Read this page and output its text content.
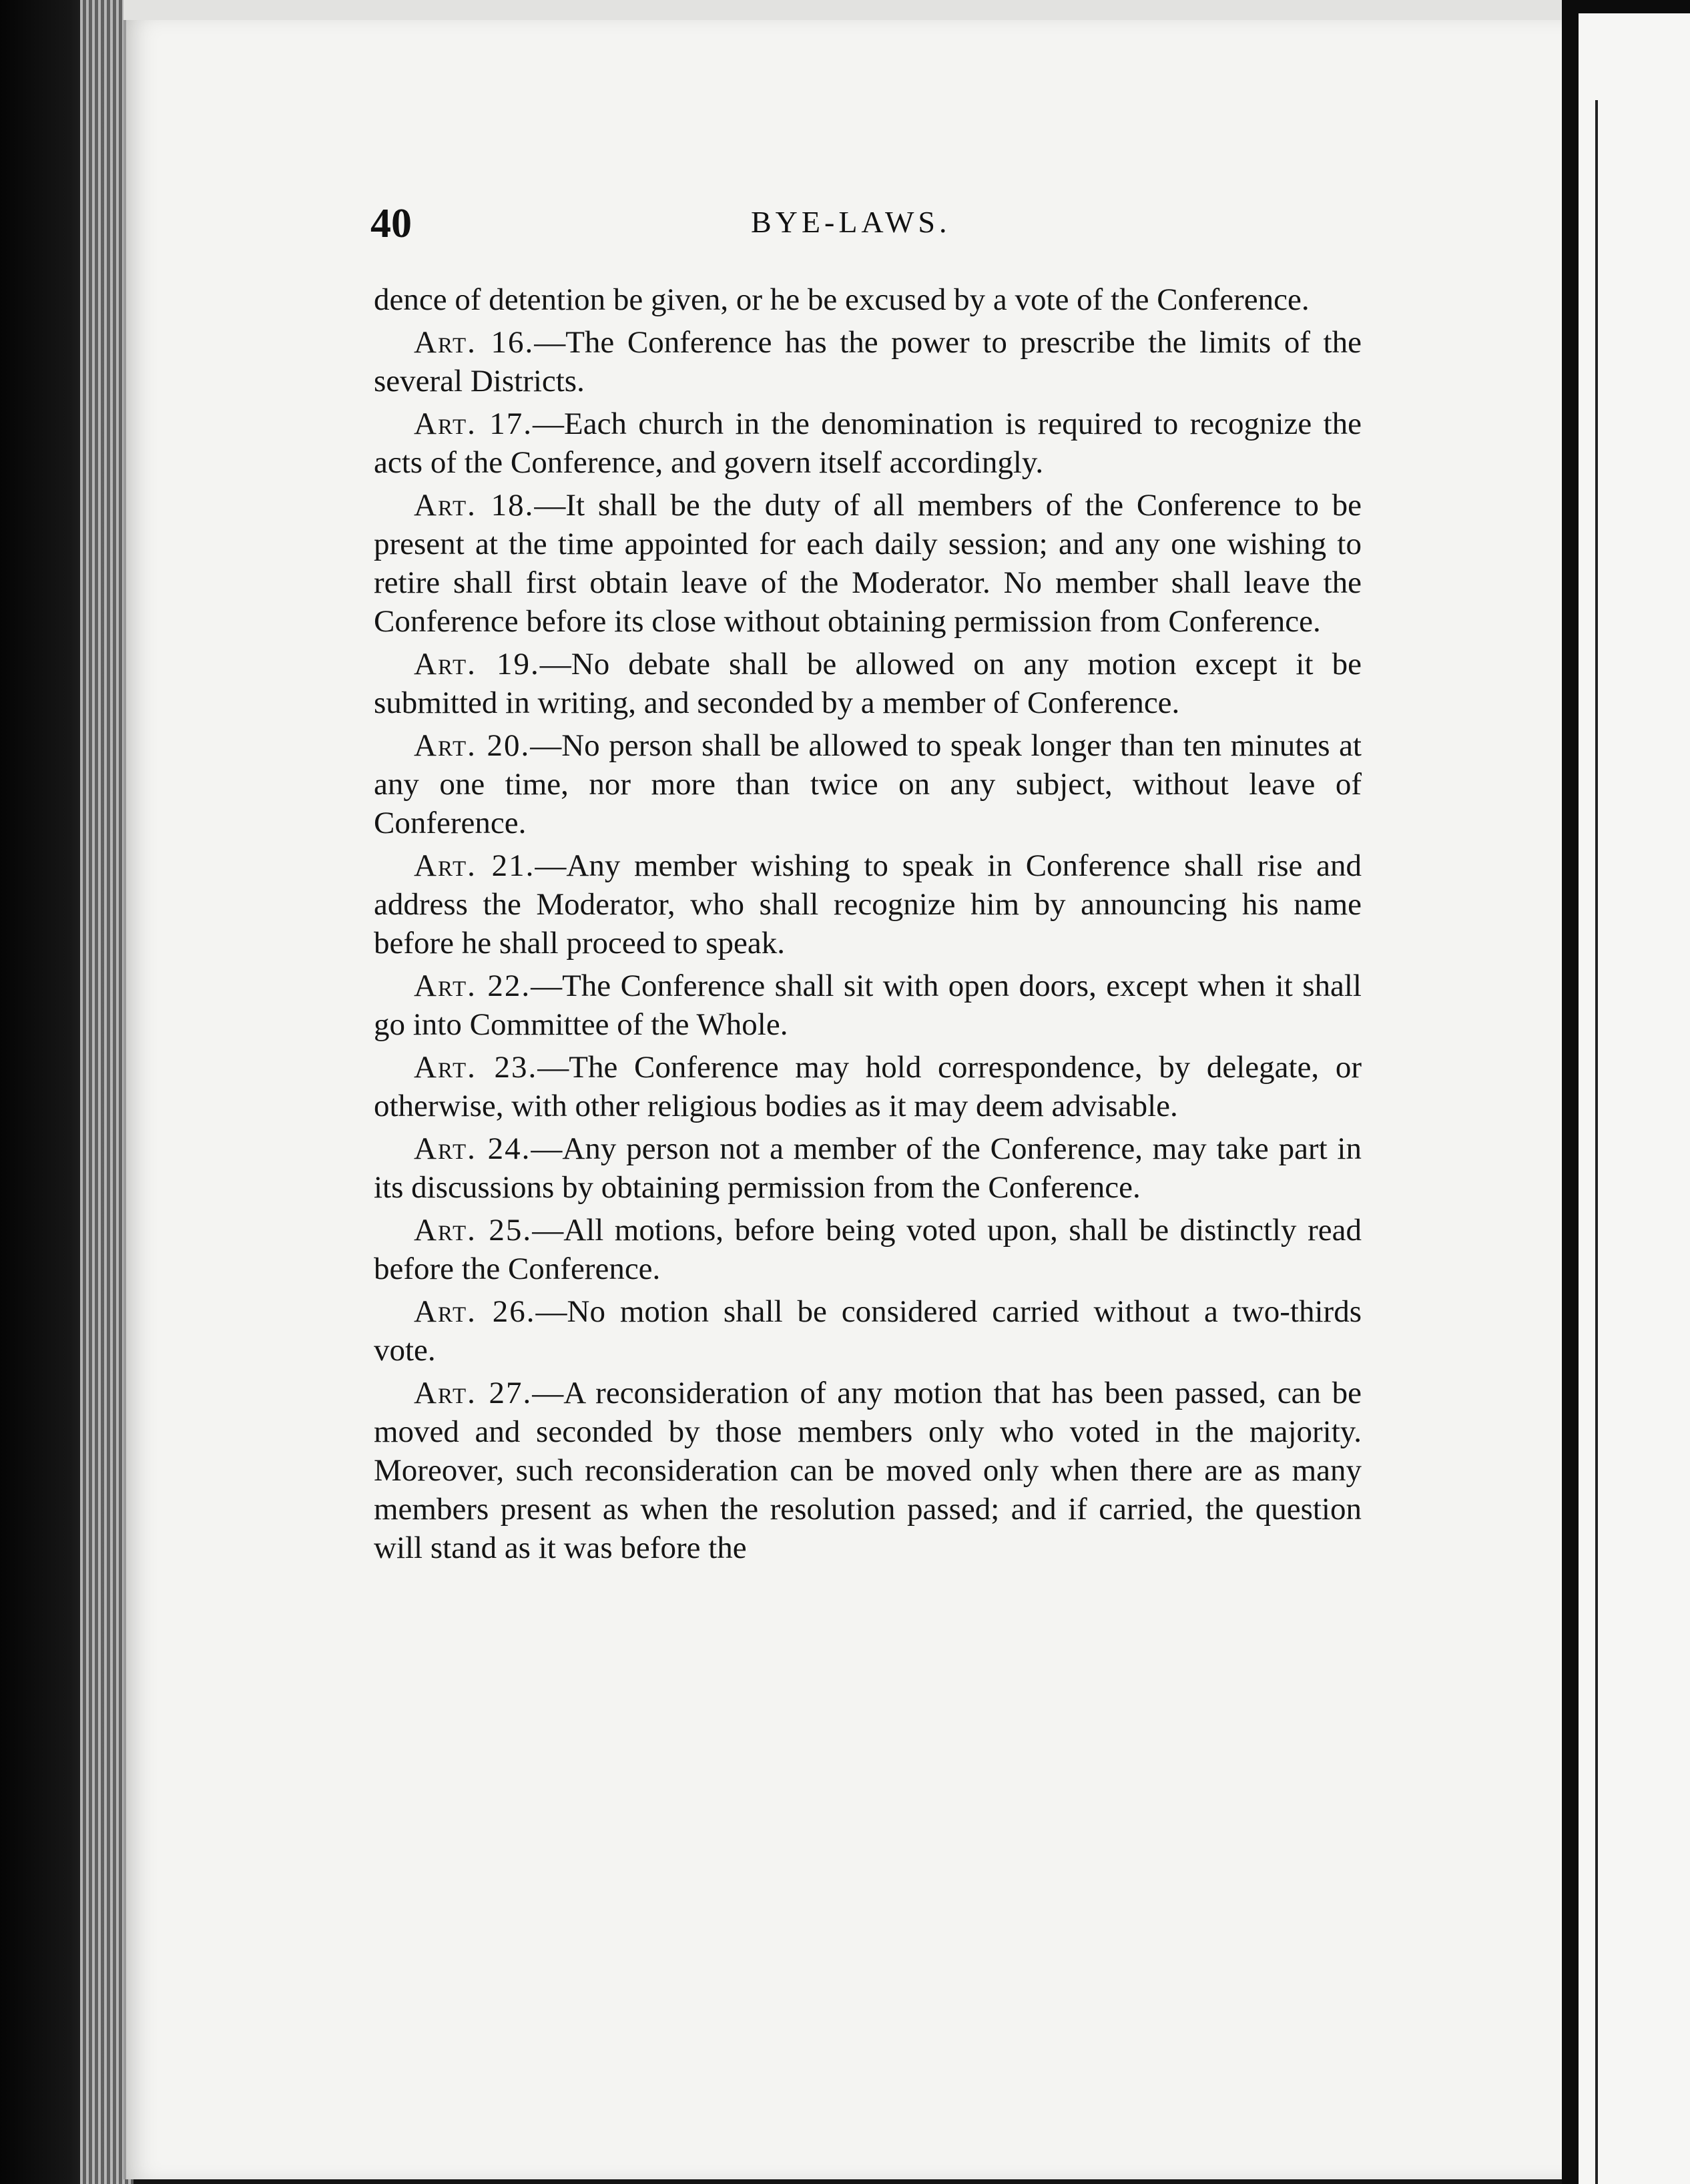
40	BYE-LAWS.

dence of detention be given, or he be excused by a vote of the Conference.

Art. 16.—The Conference has the power to prescribe the limits of the several Districts.

Art. 17.—Each church in the denomination is required to recognize the acts of the Conference, and govern itself accordingly.

Art. 18.—It shall be the duty of all members of the Conference to be present at the time appointed for each daily session; and any one wishing to retire shall first obtain leave of the Moderator. No member shall leave the Conference before its close without obtaining permission from Conference.

Art. 19.—No debate shall be allowed on any motion except it be submitted in writing, and seconded by a member of Conference.

Art. 20.—No person shall be allowed to speak longer than ten minutes at any one time, nor more than twice on any subject, without leave of Conference.

Art. 21.—Any member wishing to speak in Conference shall rise and address the Moderator, who shall recognize him by announcing his name before he shall proceed to speak.

Art. 22.—The Conference shall sit with open doors, except when it shall go into Committee of the Whole.

Art. 23.—The Conference may hold correspondence, by delegate, or otherwise, with other religious bodies as it may deem advisable.

Art. 24.—Any person not a member of the Conference, may take part in its discussions by obtaining permission from the Conference.

Art. 25.—All motions, before being voted upon, shall be distinctly read before the Conference.

Art. 26.—No motion shall be considered carried without a two-thirds vote.

Art. 27.—A reconsideration of any motion that has been passed, can be moved and seconded by those members only who voted in the majority. Moreover, such reconsideration can be moved only when there are as many members present as when the resolution passed; and if carried, the question will stand as it was before the
